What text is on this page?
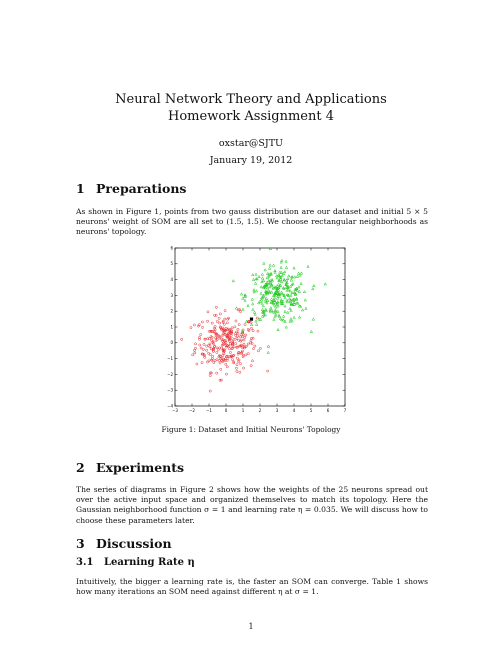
Neural Network Theory and Applications
Homework Assignment 4
oxstar@SJTU
January 19, 2012
1 Preparations
As shown in Figure 1, points from two gauss distribution are our dataset and initial 5 × 5 neurons' weight of SOM are all set to (1.5, 1.5). We choose rectangular neighborhoods as neurons' topology.
−3	−2	−1	0	1	2	3	4	5	6	7
−4
−3
−2
−1
0
1
2
3
4
5
6
Figure 1: Dataset and Initial Neurons' Topology
2 Experiments
The series of diagrams in Figure 2 shows how the weights of the 25 neurons spread out over the active input space and organized themselves to match its topology. Here the Gaussian neighborhood function σ = 1 and learning rate η = 0.035. We will discuss how to choose these parameters later.
3 Discussion
3.1 Learning Rate η
Intuitively, the bigger a learning rate is, the faster an SOM can converge. Table 1 shows how many iterations an SOM need against different η at σ = 1.
1
